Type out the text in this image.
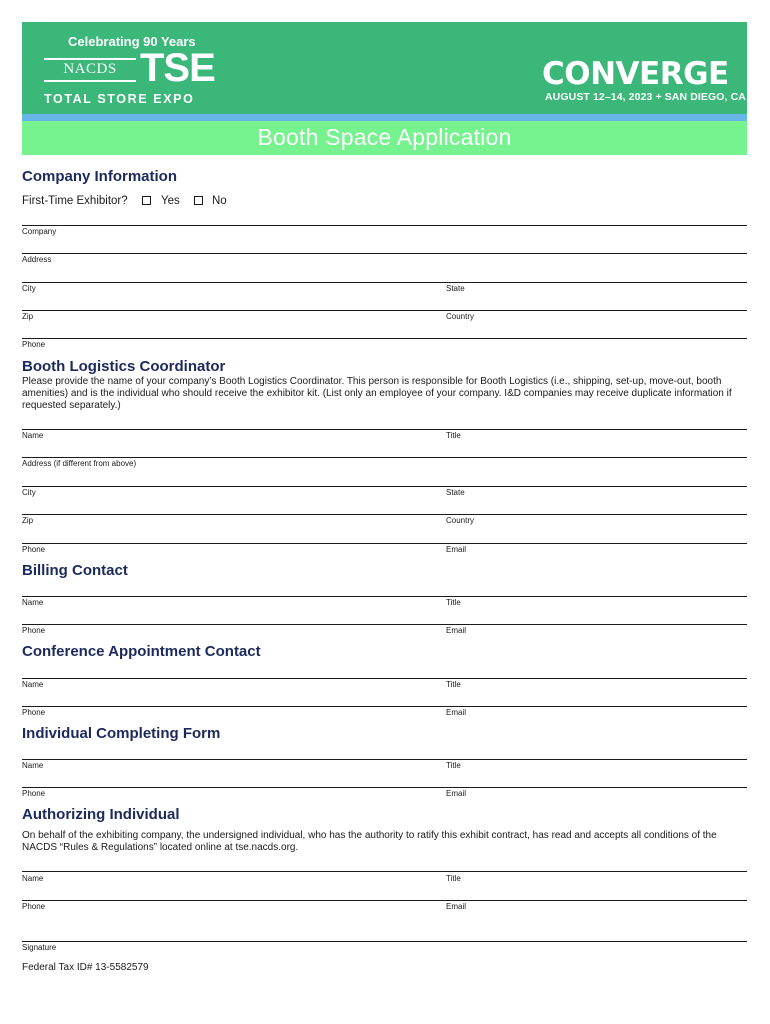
Booth Space Application
Celebrating 90 Years
NACDS TSE
TOTAL STORE EXPO
CONVERGE
AUGUST 12–14, 2023 + SAN DIEGO, CA
Company Information
First-Time Exhibitor?	Yes	No
Company
Address
City	State
Zip	Country
Phone
Booth Logistics Coordinator
Please provide the name of your company’s Booth Logistics Coordinator. This person is responsible for Booth Logistics (i.e., shipping, set-up, move-out, booth amenities) and is the individual who should receive the exhibitor kit. (List only an employee of your company. I&D companies may receive duplicate information if requested separately.)
Name	Title
Address (if different from above)
City	State
Zip	Country
Phone	Email
Billing Contact
Name	Title
Phone	Email
Conference Appointment Contact
Name	Title
Phone	Email
Individual Completing Form
Name	Title
Phone	Email
Authorizing Individual
On behalf of the exhibiting company, the undersigned individual, who has the authority to ratify this exhibit contract, has read and accepts all conditions of the NACDS “Rules & Regulations” located online at tse.nacds.org.
Name	Title
Phone	Email
Signature
Federal Tax ID# 13-5582579
